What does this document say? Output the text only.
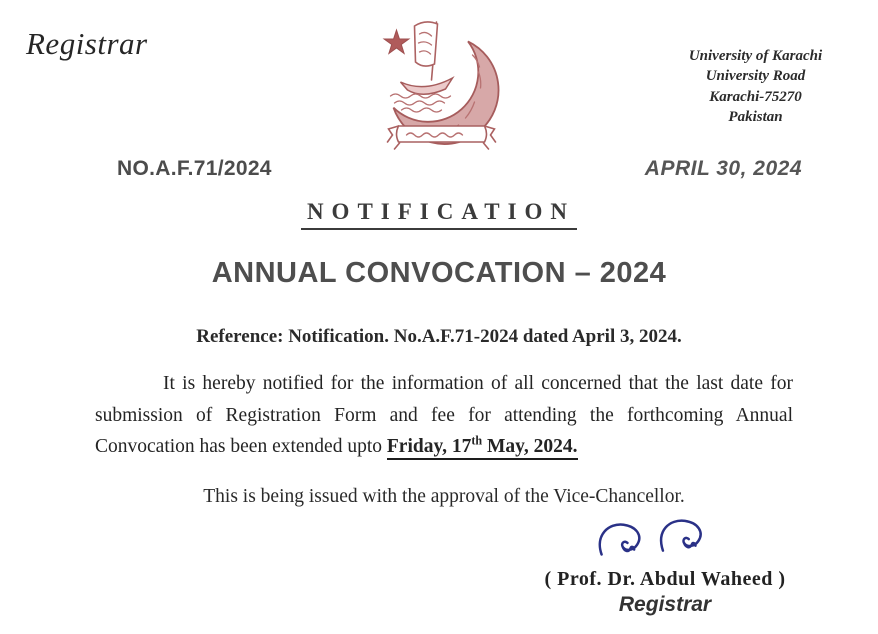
Registrar	University of Karachi
University Road
Karachi-75270
Pakistan
NO.A.F.71/2024	APRIL 30, 2024
NOTIFICATION
ANNUAL CONVOCATION – 2024
Reference: Notification. No.A.F.71-2024 dated April 3, 2024.
It is hereby notified for the information of all concerned that the last date for submission of Registration Form and fee for attending the forthcoming Annual Convocation has been extended upto Friday, 17th May, 2024.
This is being issued with the approval of the Vice-Chancellor.
( Prof. Dr. Abdul Waheed )
Registrar
